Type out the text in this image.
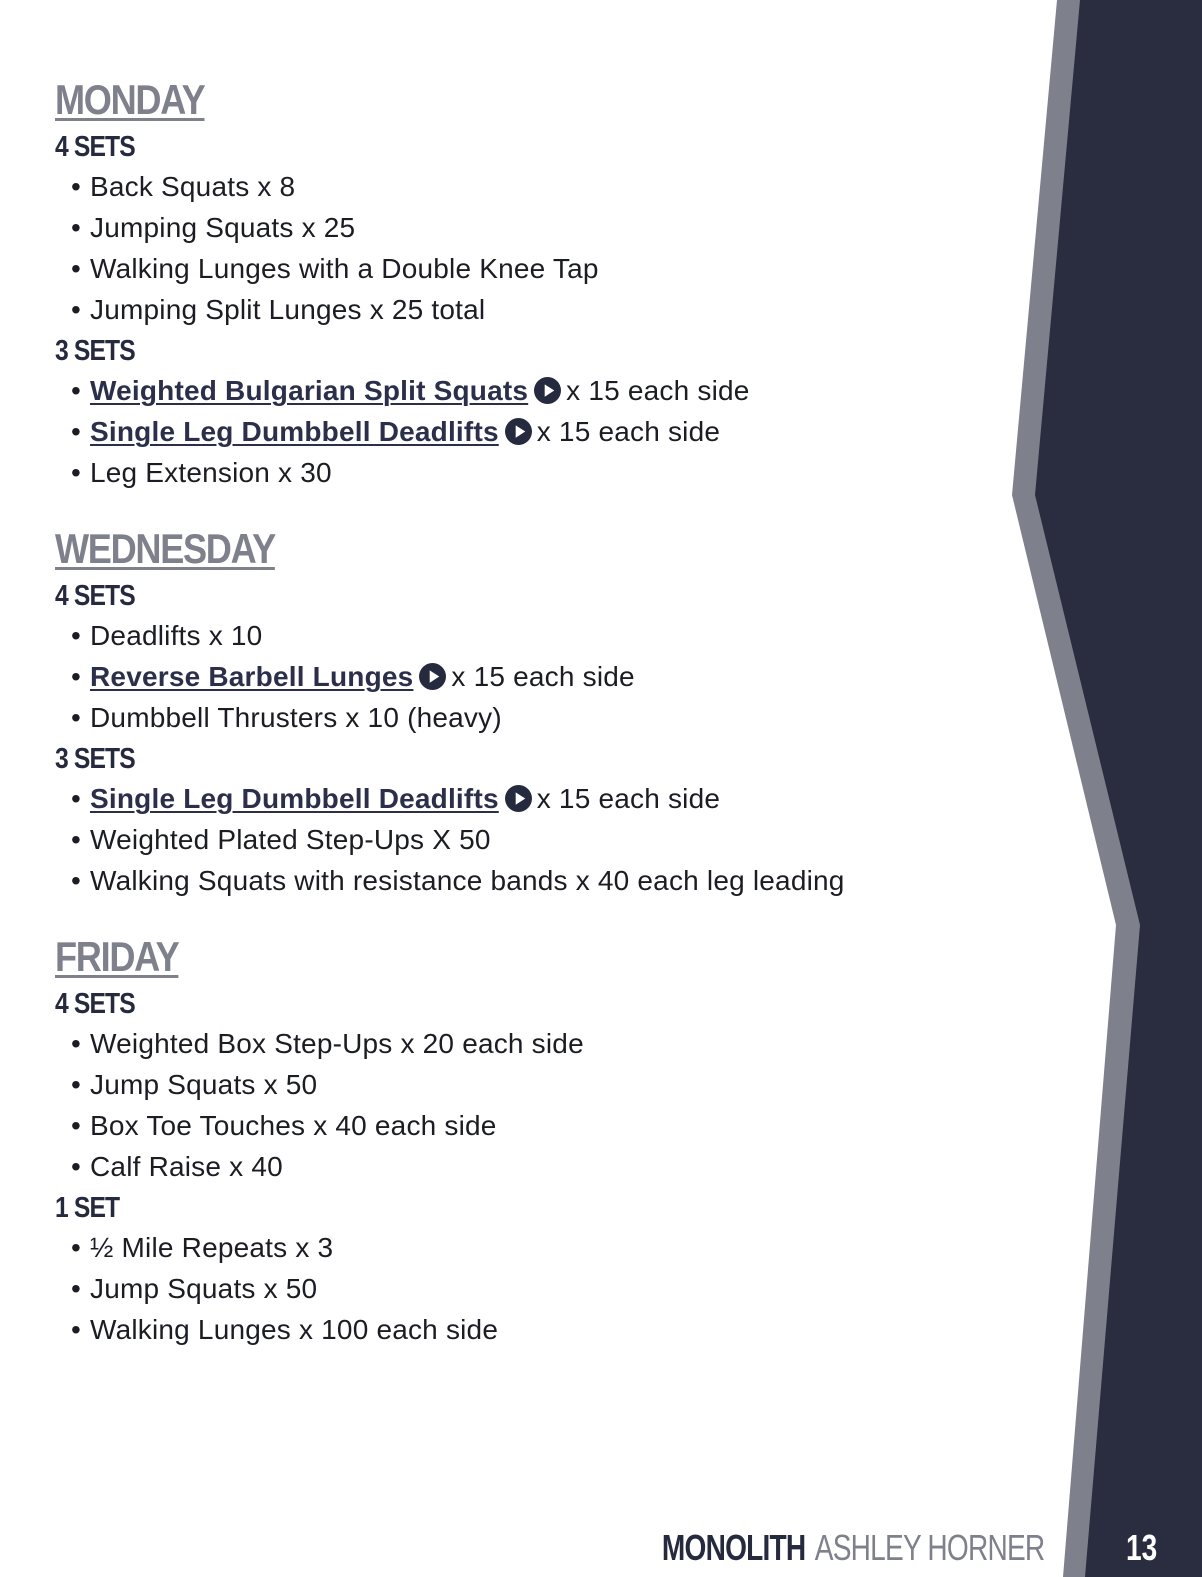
MONDAY
4 SETS
• Back Squats x 8
• Jumping Squats x 25
• Walking Lunges with a Double Knee Tap
• Jumping Split Lunges x 25 total
3 SETS
• Weighted Bulgarian Split Squats x 15 each side
• Single Leg Dumbbell Deadlifts x 15 each side
• Leg Extension x 30
WEDNESDAY
4 SETS
• Deadlifts x 10
• Reverse Barbell Lunges x 15 each side
• Dumbbell Thrusters x 10 (heavy)
3 SETS
• Single Leg Dumbbell Deadlifts x 15 each side
• Weighted Plated Step-Ups X 50
• Walking Squats with resistance bands x 40 each leg leading
FRIDAY
4 SETS
• Weighted Box Step-Ups x 20 each side
• Jump Squats x 50
• Box Toe Touches x 40 each side
• Calf Raise x 40
1 SET
• ½ Mile Repeats x 3
• Jump Squats x 50
• Walking Lunges x 100 each side
MONOLITH ASHLEY HORNER 13
